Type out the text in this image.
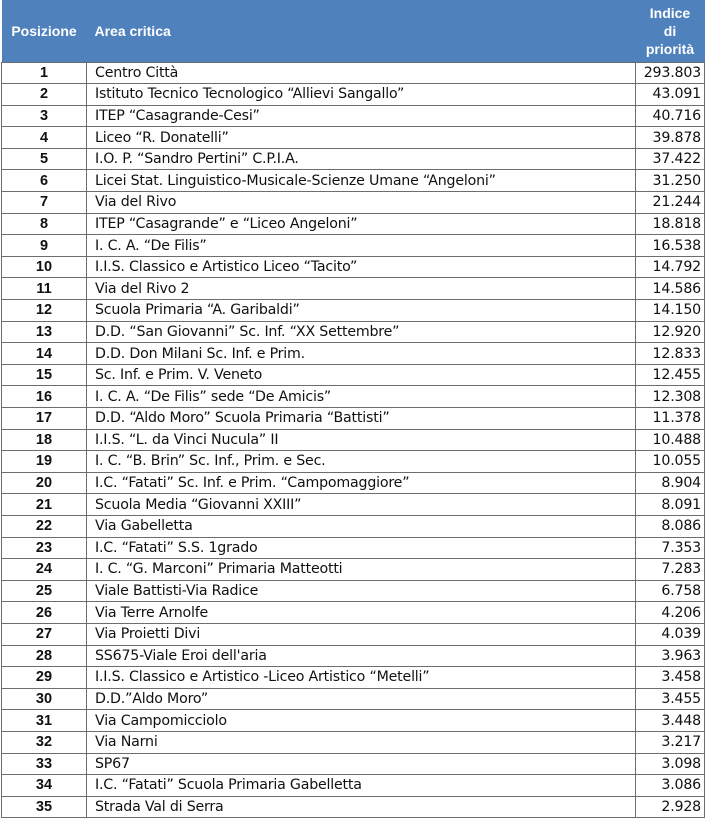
Posizione	Area critica	Indice
di
priorità
1	Centro Città	293.803
2	Istituto Tecnico Tecnologico “Allievi Sangallo”	43.091
3	ITEP “Casagrande-Cesi”	40.716
4	Liceo “R. Donatelli”	39.878
5	I.O. P. “Sandro Pertini” C.P.I.A.	37.422
6	Licei Stat. Linguistico-Musicale-Scienze Umane “Angeloni”	31.250
7	Via del Rivo	21.244
8	ITEP “Casagrande” e “Liceo Angeloni”	18.818
9	I. C. A. “De Filis”	16.538
10	I.I.S. Classico e Artistico Liceo “Tacito”	14.792
11	Via del Rivo 2	14.586
12	Scuola Primaria “A. Garibaldi”	14.150
13	D.D. “San Giovanni” Sc. Inf. “XX Settembre”	12.920
14	D.D. Don Milani Sc. Inf. e Prim.	12.833
15	Sc. Inf. e Prim. V. Veneto	12.455
16	I. C. A. “De Filis” sede “De Amicis”	12.308
17	D.D. “Aldo Moro” Scuola Primaria “Battisti”	11.378
18	I.I.S. “L. da Vinci Nucula” II	10.488
19	I. C. “B. Brin” Sc. Inf., Prim. e Sec.	10.055
20	I.C. “Fatati” Sc. Inf. e Prim. “Campomaggiore”	8.904
21	Scuola Media “Giovanni XXIII”	8.091
22	Via Gabelletta	8.086
23	I.C. “Fatati” S.S. 1grado	7.353
24	I. C. “G. Marconi” Primaria Matteotti	7.283
25	Viale Battisti-Via Radice	6.758
26	Via Terre Arnolfe	4.206
27	Via Proietti Divi	4.039
28	SS675-Viale Eroi dell'aria	3.963
29	I.I.S. Classico e Artistico -Liceo Artistico “Metelli”	3.458
30	D.D.”Aldo Moro”	3.455
31	Via Campomicciolo	3.448
32	Via Narni	3.217
33	SP67	3.098
34	I.C. “Fatati” Scuola Primaria Gabelletta	3.086
35	Strada Val di Serra	2.928
